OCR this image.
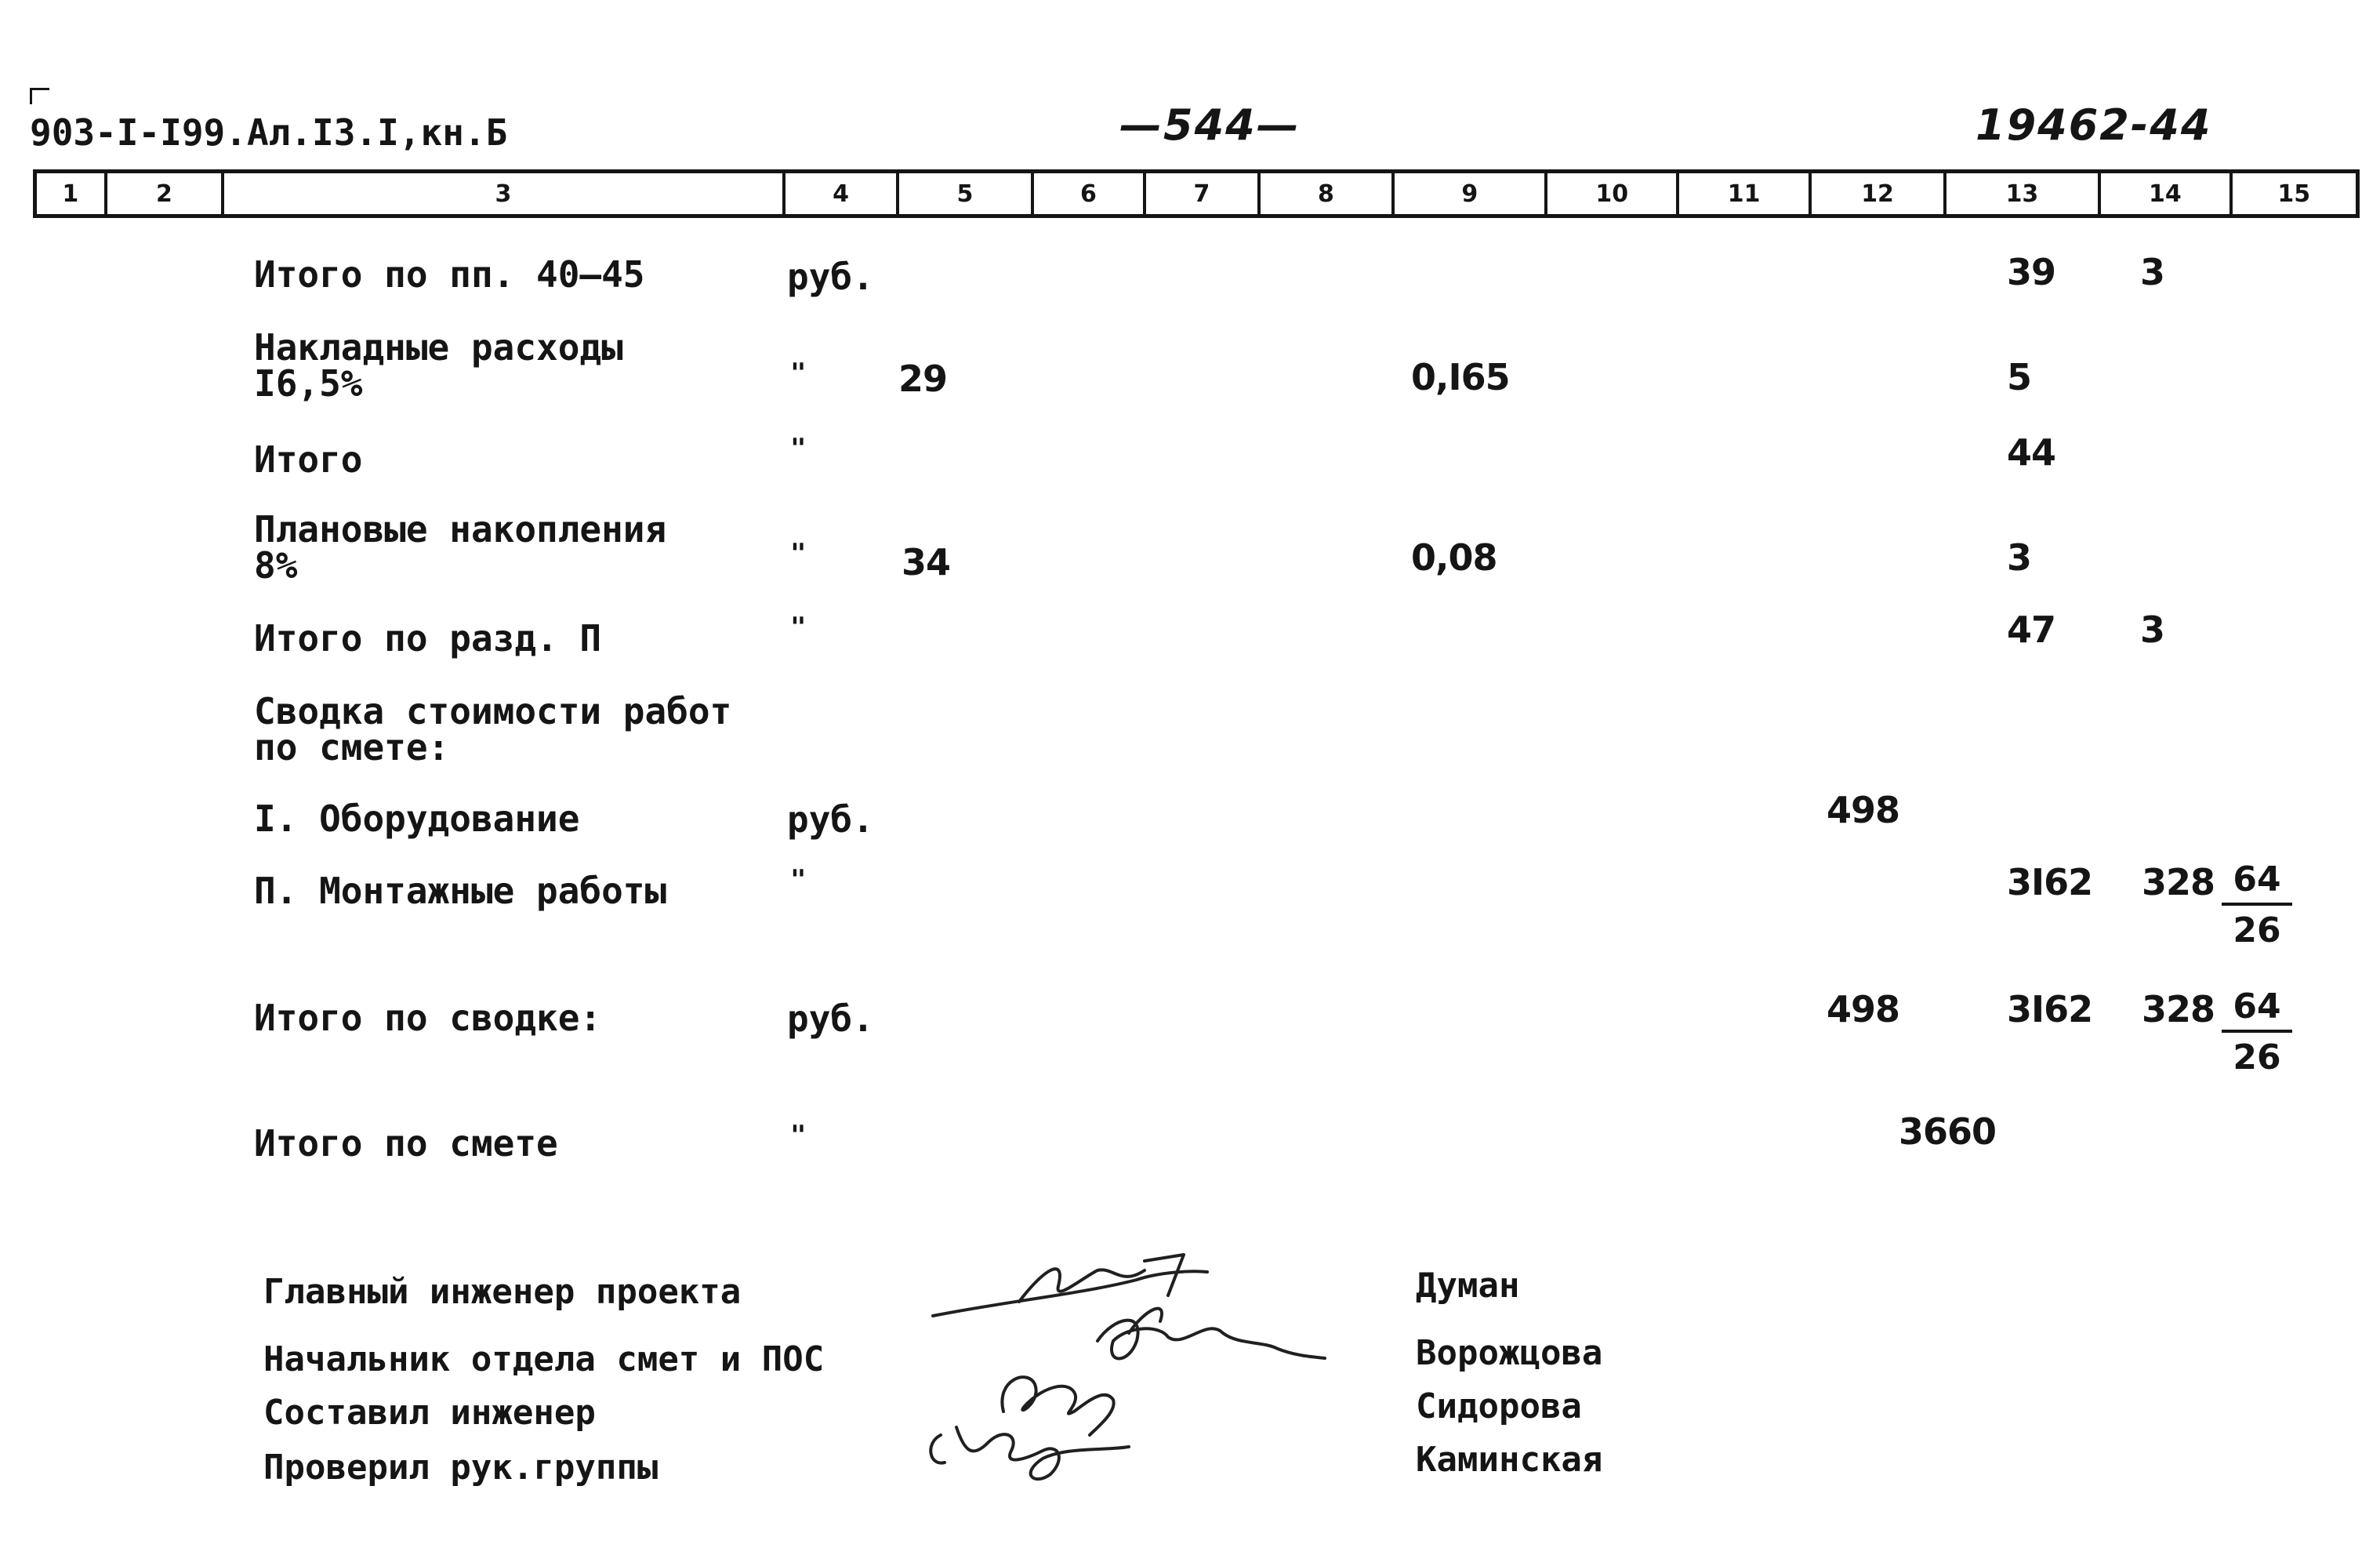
903-I-I99.Ал.I3.I,кн.Б	—544—	19462-44
1	2	3	4	5	6	7	8	9	10	11	12	13	14	15
Итого по пп. 40–45	руб.	39 3
Накладные расходы
I6,5%	"	29	0,I65	5
Итого	"	44
Плановые накопления
8%	"	34	0,08	3
Итого по разд. П	"	47 3
Сводка стоимости работ
по смете:
I. Оборудование	руб.	498
П. Монтажные работы	"	3I62 $328 \frac{64}{26}$
Итого по сводке:	руб.	498	3I62 $328 \frac{64}{26}$
Итого по смете	"	3660
Главный инженер проекта
Начальник отдела смет и ПОС
Составил инженер
Проверил рук.группы
Думан
Ворожцова
Сидорова
Каминская
